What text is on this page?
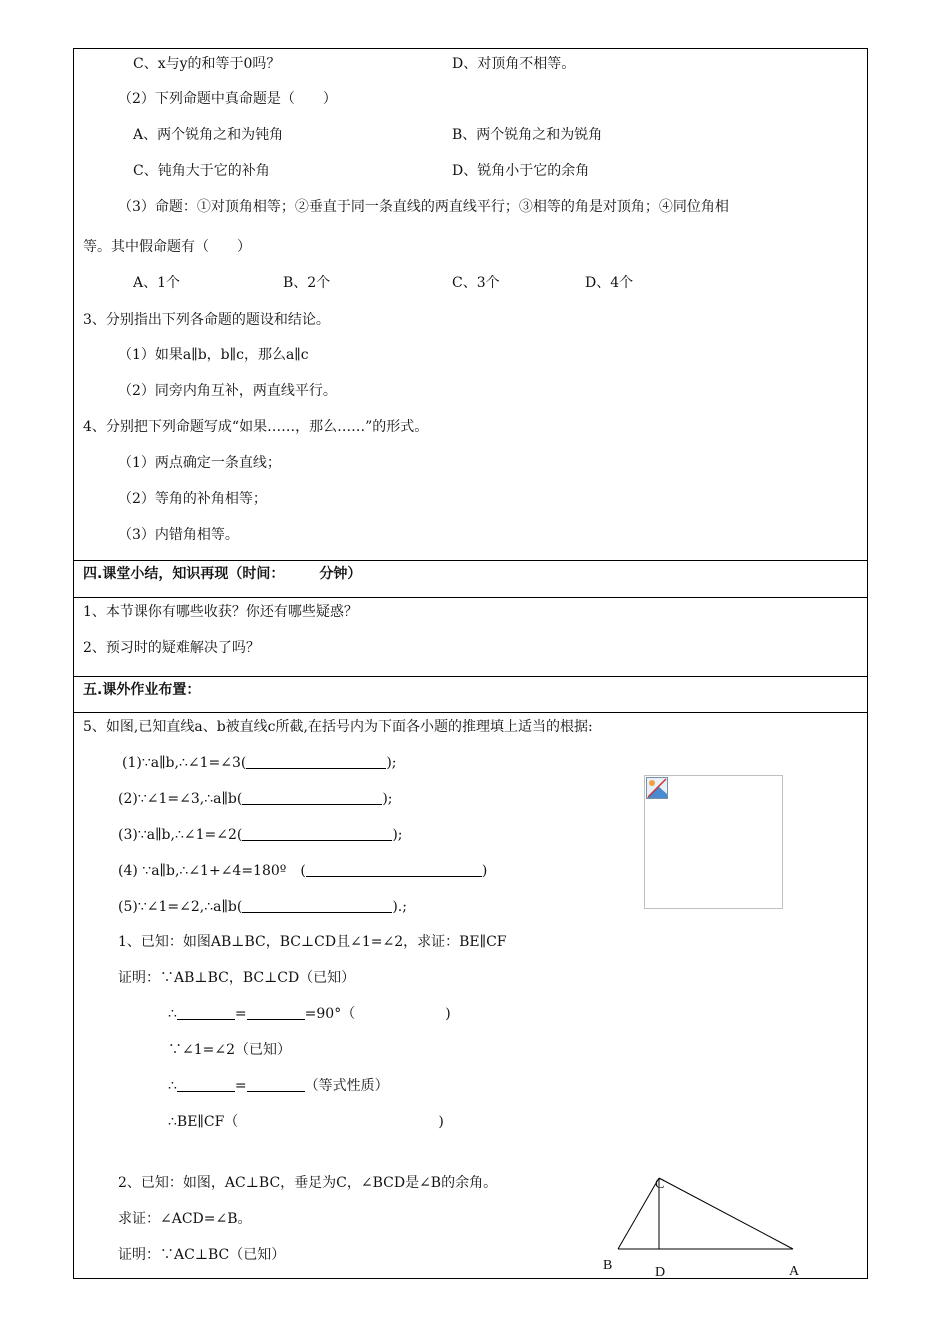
C、x与y的和等于0吗？	D、对顶角不相等。
（2）下列命题中真命题是（　　）
A、两个锐角之和为钝角	B、两个锐角之和为锐角
C、钝角大于它的补角	D、锐角小于它的余角
（3）命题：①对顶角相等；②垂直于同一条直线的两直线平行；③相等的角是对顶角；④同位角相
等。其中假命题有（　　）
A、1个	B、2个	C、3个	D、4个
3、分别指出下列各命题的题设和结论。
（1）如果a∥b，b∥c，那么a∥c
（2）同旁内角互补，两直线平行。
4、分别把下列命题写成“如果……，那么……”的形式。
（1）两点确定一条直线；
（2）等角的补角相等；
（3）内错角相等。
四.课堂小结，知识再现（时间：　　　分钟）
1、本节课你有哪些收获？你还有哪些疑惑？
2、预习时的疑难解决了吗？
五.课外作业布置：
5、如图,已知直线a、b被直线c所截,在括号内为下面各小题的推理填上适当的根据:
(1)∵a∥b,∴∠1=∠3(	);
(2)∵∠1=∠3,∴a∥b(	);
(3)∵a∥b,∴∠1=∠2(	);
(4) ∵a∥b,∴∠1+∠4=180º　(	)
(5)∵∠1=∠2,∴a∥b(	).;
1、已知：如图AB⊥BC，BC⊥CD且∠1=∠2，求证：BE∥CF
证明：∵AB⊥BC，BC⊥CD（已知）
∴	=	=90°（	)
∵∠1=∠2（已知）
∴	=	（等式性质）
∴BE∥CF（	)
2、已知：如图，AC⊥BC，垂足为C，∠BCD是∠B的余角。
求证：∠ACD=∠B。
证明：∵AC⊥BC（已知）
C
B	D	A
